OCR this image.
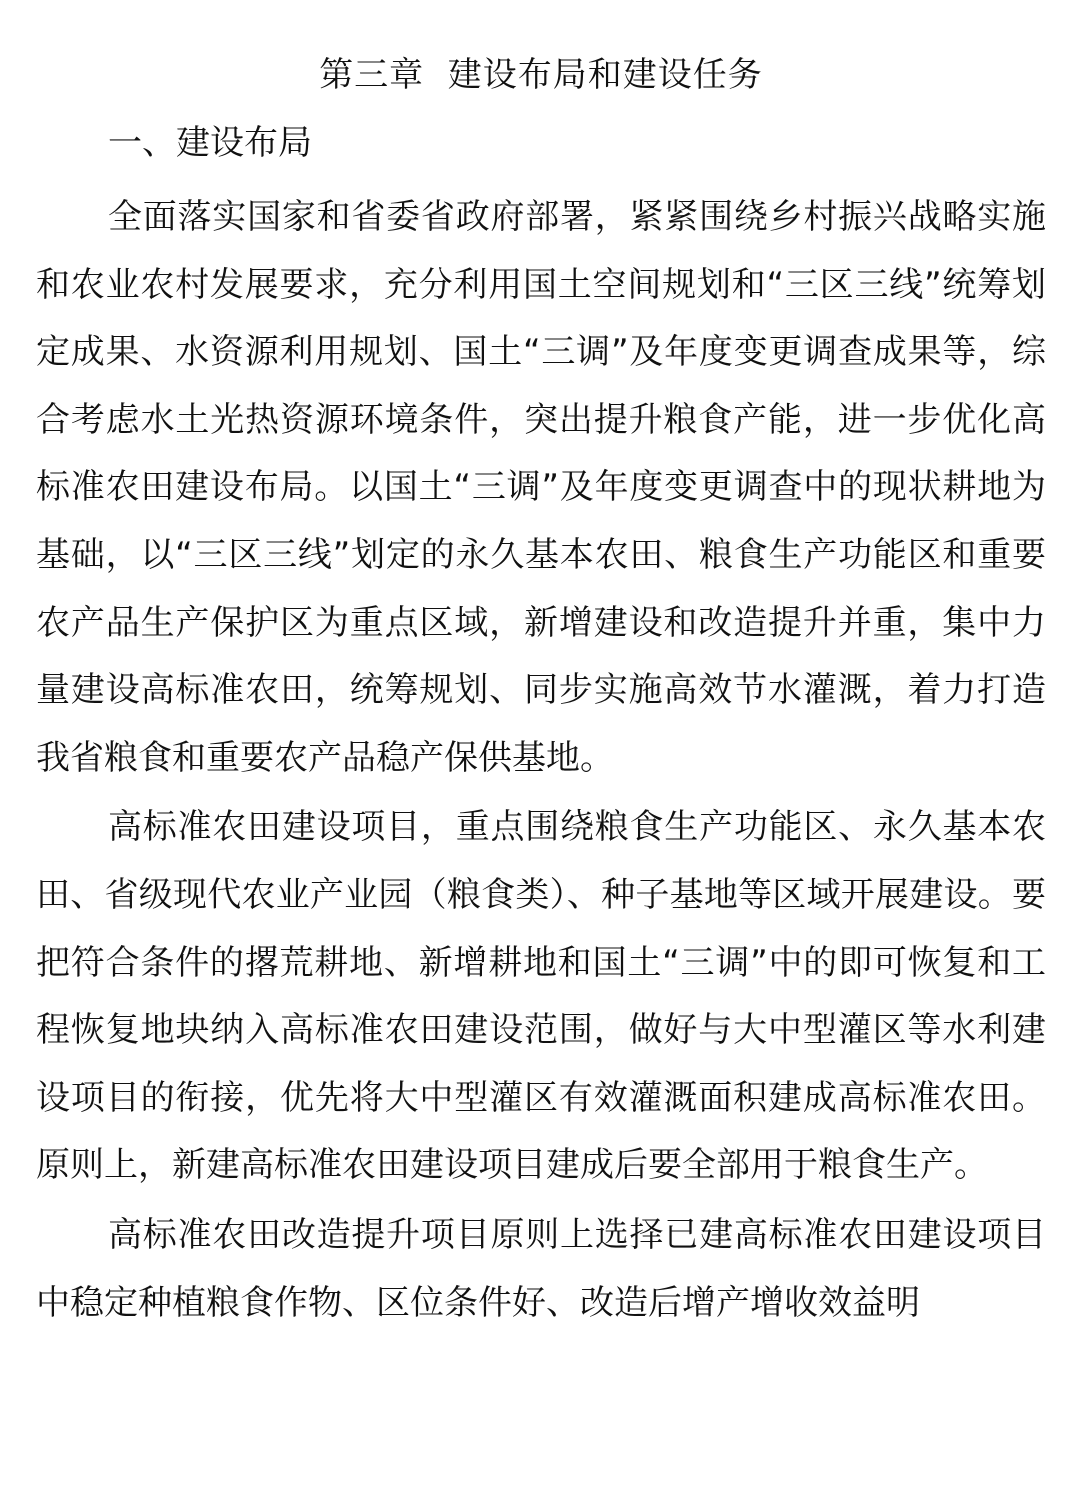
第三章  建设布局和建设任务
一、建设布局

全面落实国家和省委省政府部署，紧紧围绕乡村振兴战略实施和农业农村发展要求，充分利用国土空间规划和“三区三线”统筹划定成果、水资源利用规划、国土“三调”及年度变更调查成果等，综合考虑水土光热资源环境条件，突出提升粮食产能，进一步优化高标准农田建设布局。以国土“三调”及年度变更调查中的现状耕地为基础，以“三区三线”划定的永久基本农田、粮食生产功能区和重要农产品生产保护区为重点区域，新增建设和改造提升并重，集中力量建设高标准农田，统筹规划、同步实施高效节水灌溉，着力打造我省粮食和重要农产品稳产保供基地。

高标准农田建设项目，重点围绕粮食生产功能区、永久基本农田、省级现代农业产业园（粮食类）、种子基地等区域开展建设。要把符合条件的撂荒耕地、新增耕地和国土“三调”中的即可恢复和工程恢复地块纳入高标准农田建设范围，做好与大中型灌区等水利建设项目的衔接，优先将大中型灌区有效灌溉面积建成高标准农田。原则上，新建高标准农田建设项目建成后要全部用于粮食生产。

高标准农田改造提升项目原则上选择已建高标准农田建设项目中稳定种植粮食作物、区位条件好、改造后增产增收效益明
